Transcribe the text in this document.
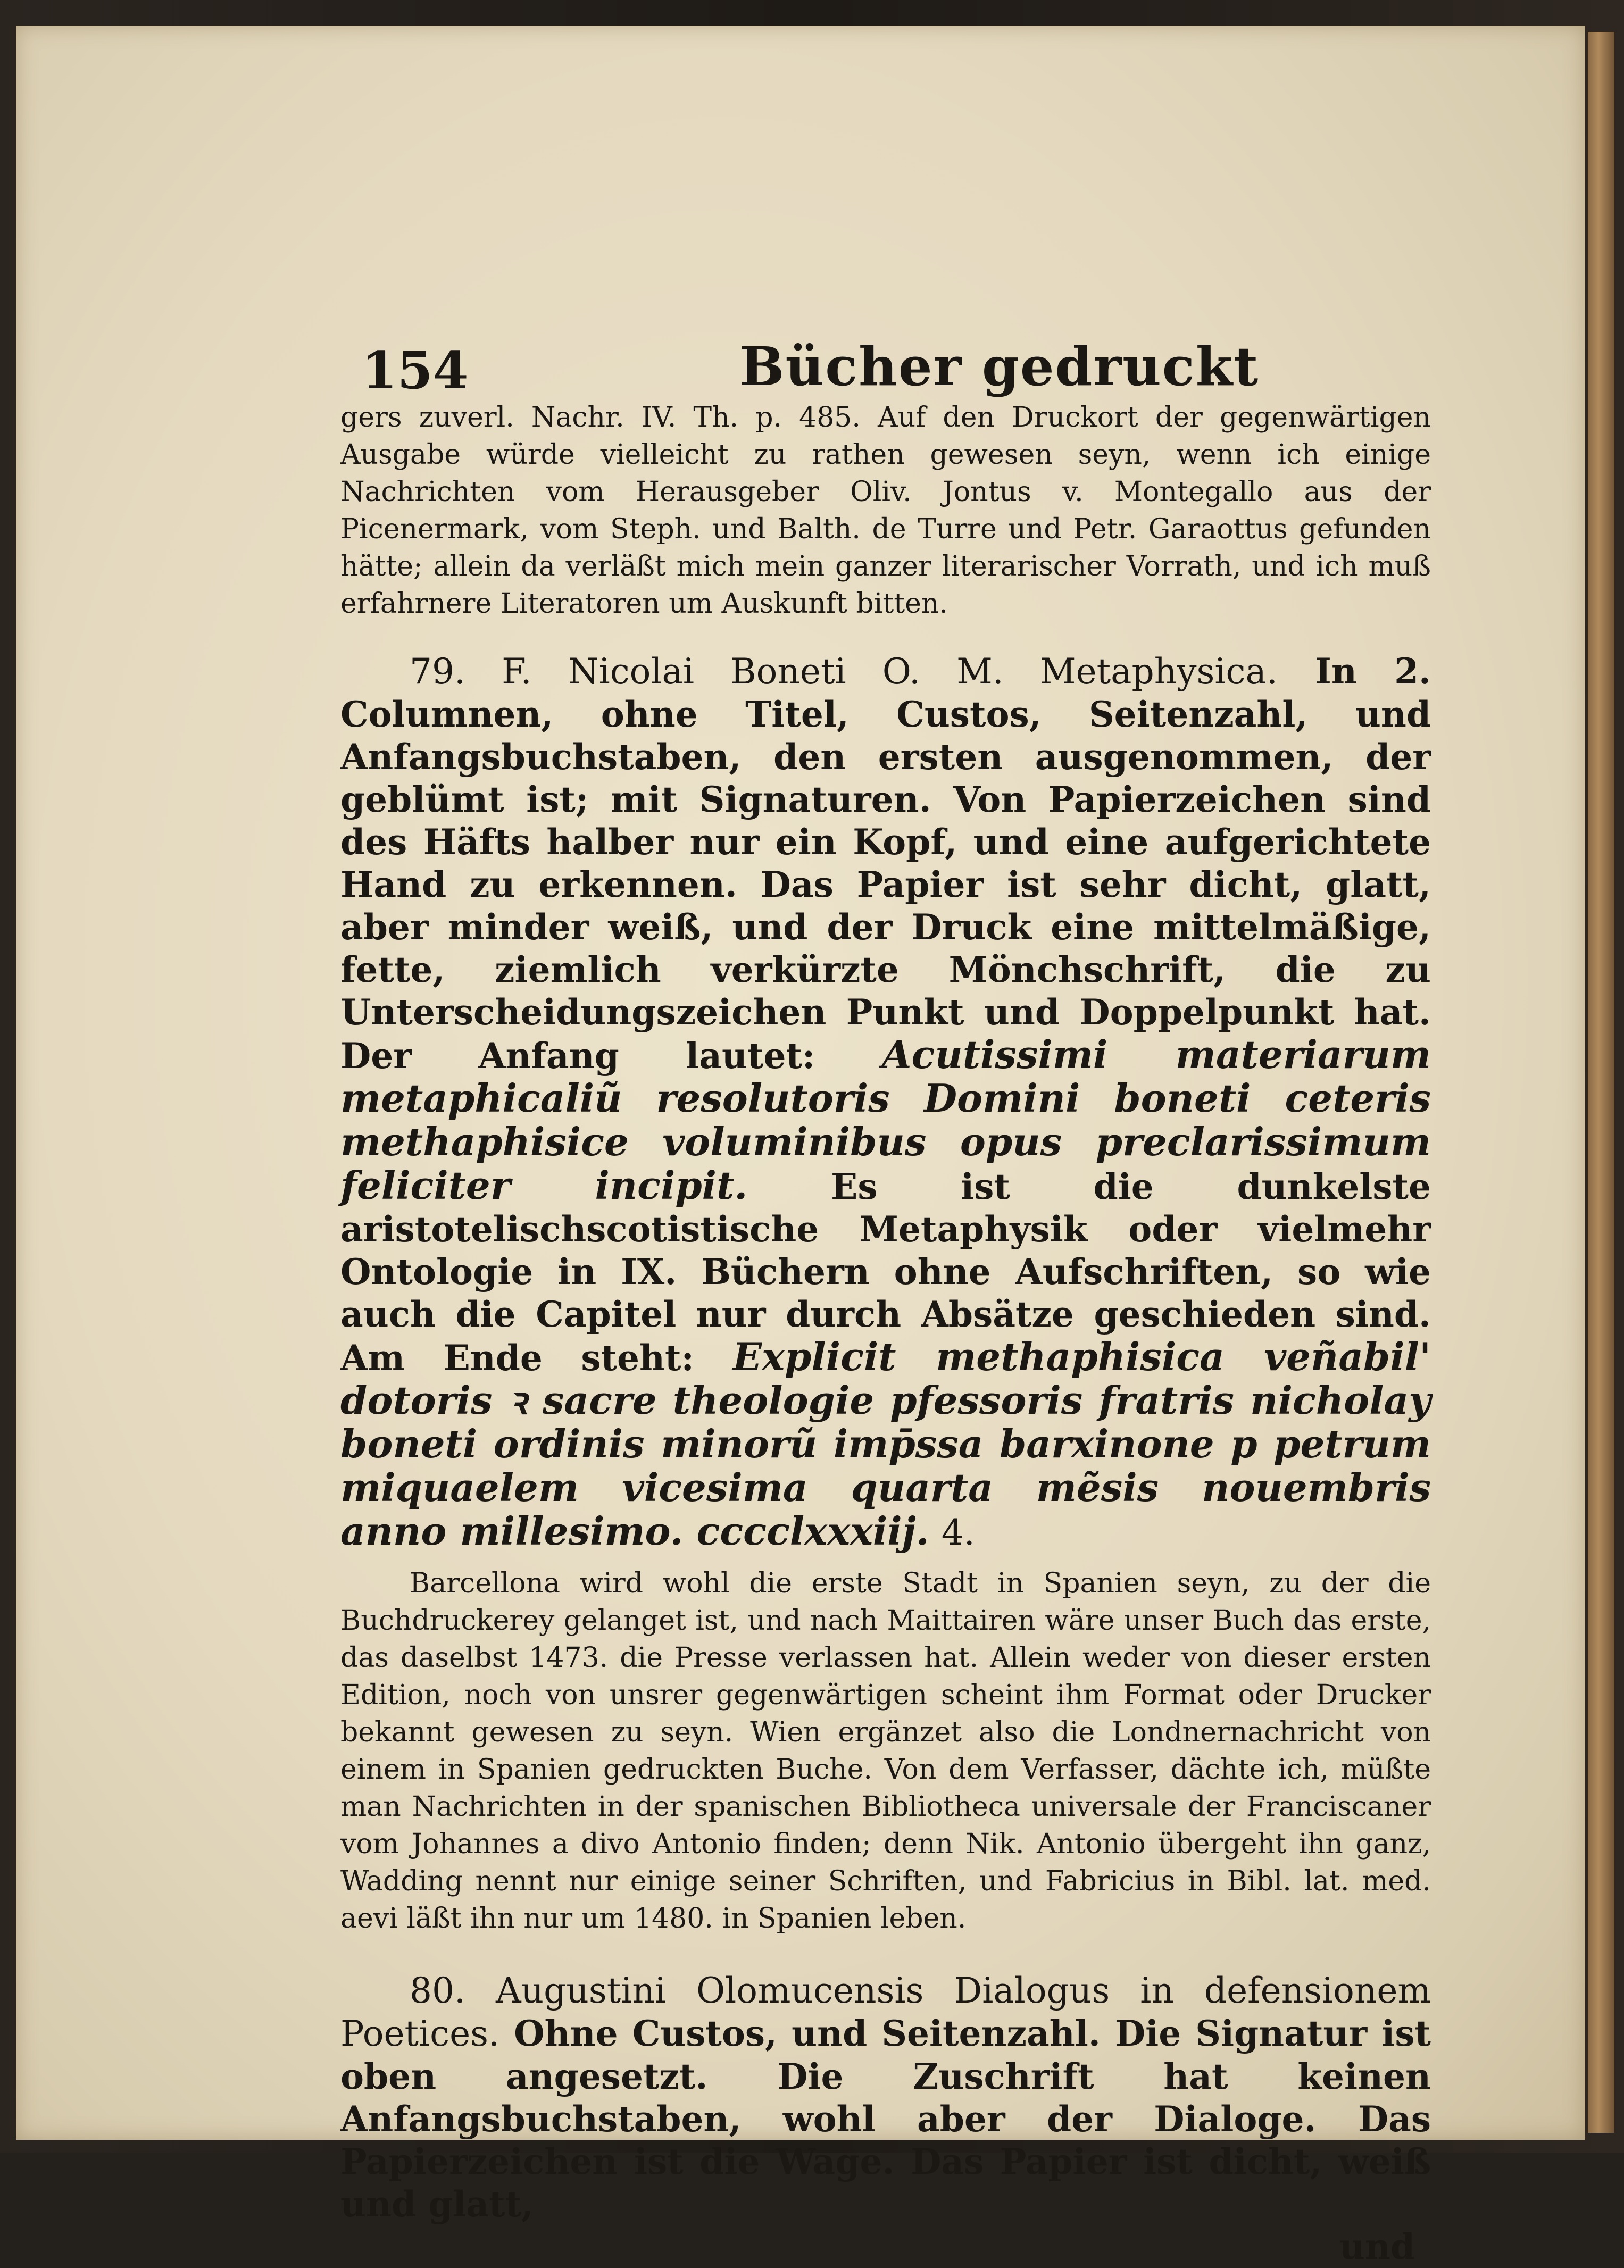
154	Bücher gedruckt

gers zuverl. Nachr. IV. Th. p. 485. Auf den Druckort der gegenwärtigen Ausgabe würde vielleicht zu rathen gewesen seyn, wenn ich einige Nachrichten vom Herausgeber Oliv. Jontus v. Montegallo aus der Picenermark, vom Steph. und Balth. de Turre und Petr. Garaottus gefunden hätte; allein da verläßt mich mein ganzer literarischer Vorrath, und ich muß erfahrnere Literatoren um Auskunft bitten.

79. F. Nicolai Boneti O. M. Metaphysica. In 2. Columnen, ohne Titel, Custos, Seitenzahl, und Anfangsbuchstaben, den ersten ausgenommen, der geblümt ist; mit Signaturen. Von Papierzeichen sind des Häfts halber nur ein Kopf, und eine aufgerichtete Hand zu erkennen. Das Papier ist sehr dicht, glatt, aber minder weiß, und der Druck eine mittelmäßige, fette, ziemlich verkürzte Mönchschrift, die zu Unterscheidungszeichen Punkt und Doppelpunkt hat. Der Anfang lautet: Acutissimi materiarum metaphicaliũ resolutoris Domini boneti ceteris methaphisice voluminibus opus preclarissimum feliciter incipit. Es ist die dunkelste aristotelischscotistische Metaphysik oder vielmehr Ontologie in IX. Büchern ohne Aufschriften, so wie auch die Capitel nur durch Absätze geschieden sind. Am Ende steht: Explicit methaphisica veñabil' dotoris ꝛ sacre theologie pfessoris fratris nicholay boneti ordinis minorũ imp̄ssa barxinone p petrum miquaelem vicesima quarta mẽsis nouembris anno millesimo. cccclxxxiij. 4.

Barcellona wird wohl die erste Stadt in Spanien seyn, zu der die Buchdruckerey gelanget ist, und nach Maittairen wäre unser Buch das erste, das daselbst 1473. die Presse verlassen hat. Allein weder von dieser ersten Edition, noch von unsrer gegenwärtigen scheint ihm Format oder Drucker bekannt gewesen zu seyn. Wien ergänzet also die Londnernachricht von einem in Spanien gedruckten Buche. Von dem Verfasser, dächte ich, müßte man Nachrichten in der spanischen Bibliotheca universale der Franciscaner vom Johannes a divo Antonio finden; denn Nik. Antonio übergeht ihn ganz, Wadding nennt nur einige seiner Schriften, und Fabricius in Bibl. lat. med. aevi läßt ihn nur um 1480. in Spanien leben.

80. Augustini Olomucensis Dialogus in defensionem Poetices. Ohne Custos, und Seitenzahl. Die Signatur ist oben angesetzt. Die Zuschrift hat keinen Anfangsbuchstaben, wohl aber der Dialoge. Das Papierzeichen ist die Wage. Das Papier ist dicht, weiß und glatt,

und
